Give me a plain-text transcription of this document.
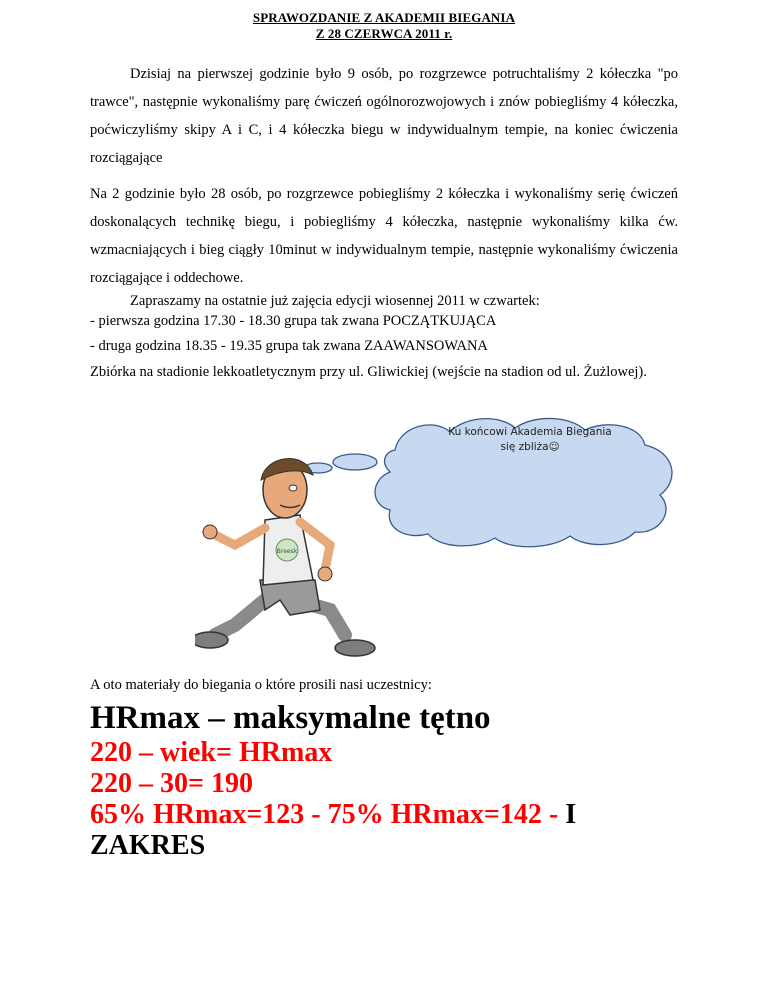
SPRAWOZDANIE Z AKADEMII BIEGANIA
Z 28 CZERWCA 2011 r.

Dzisiaj na pierwszej godzinie było 9 osób, po rozgrzewce potruchtaliśmy 2 kółeczka "po trawce", następnie wykonaliśmy parę ćwiczeń ogólnorozwojowych i znów pobiegliśmy 4 kółeczka, poćwiczyliśmy skipy A i C, i 4 kółeczka biegu w indywidualnym tempie, na koniec ćwiczenia rozciągające

Na 2 godzinie było 28 osób, po rozgrzewce pobiegliśmy 2 kółeczka i wykonaliśmy serię ćwiczeń doskonalących technikę biegu, i pobiegliśmy 4 kółeczka, następnie wykonaliśmy kilka ćw. wzmacniających i bieg ciągły 10minut w indywidualnym tempie, następnie wykonaliśmy ćwiczenia rozciągające i oddechowe.

Zapraszamy na ostatnie już zajęcia edycji wiosennej 2011 w czwartek:

- pierwsza godzina 17.30 - 18.30 grupa tak zwana POCZĄTKUJĄCA

- druga godzina 18.35 - 19.35 grupa tak zwana ZAAWANSOWANA

Zbiórka na stadionie lekkoatletycznym przy ul. Gliwickiej (wejście na stadion od ul. Żużlowej).

Ku końcowi Akademia Biegania
się zbliża☺
Breesk

A oto materiały do biegania o które prosili nasi uczestnicy:

HRmax – maksymalne tętno

220 – wiek= HRmax

220 – 30= 190

65% HRmax=123 - 75% HRmax=142 - I

ZAKRES
